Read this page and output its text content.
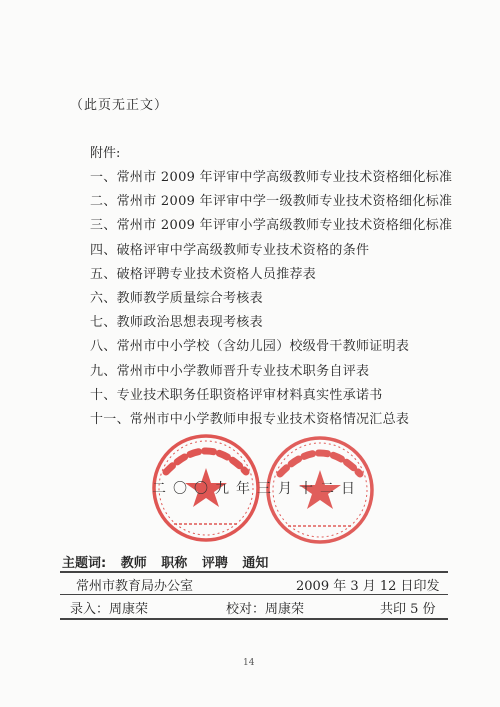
（此页无正文）
附件:
一、常州市 2009 年评审中学高级教师专业技术资格细化标准
二、常州市 2009 年评审中学一级教师专业技术资格细化标准
三、常州市 2009 年评审小学高级教师专业技术资格细化标准
四、破格评审中学高级教师专业技术资格的条件
五、破格评聘专业技术资格人员推荐表
六、教师教学质量综合考核表
七、教师政治思想表现考核表
八、常州市中小学校（含幼儿园）校级骨干教师证明表
九、常州市中小学教师晋升专业技术职务自评表
十、专业技术职务任职资格评审材料真实性承诺书
十一、常州市中小学教师申报专业技术资格情况汇总表
二〇〇九年三月十二日
主题词: 教师 职称 评聘 通知
常州市教育局办公室	2009 年 3 月 12 日印发
录入：周康荣	校对：周康荣	共印 5 份
14
